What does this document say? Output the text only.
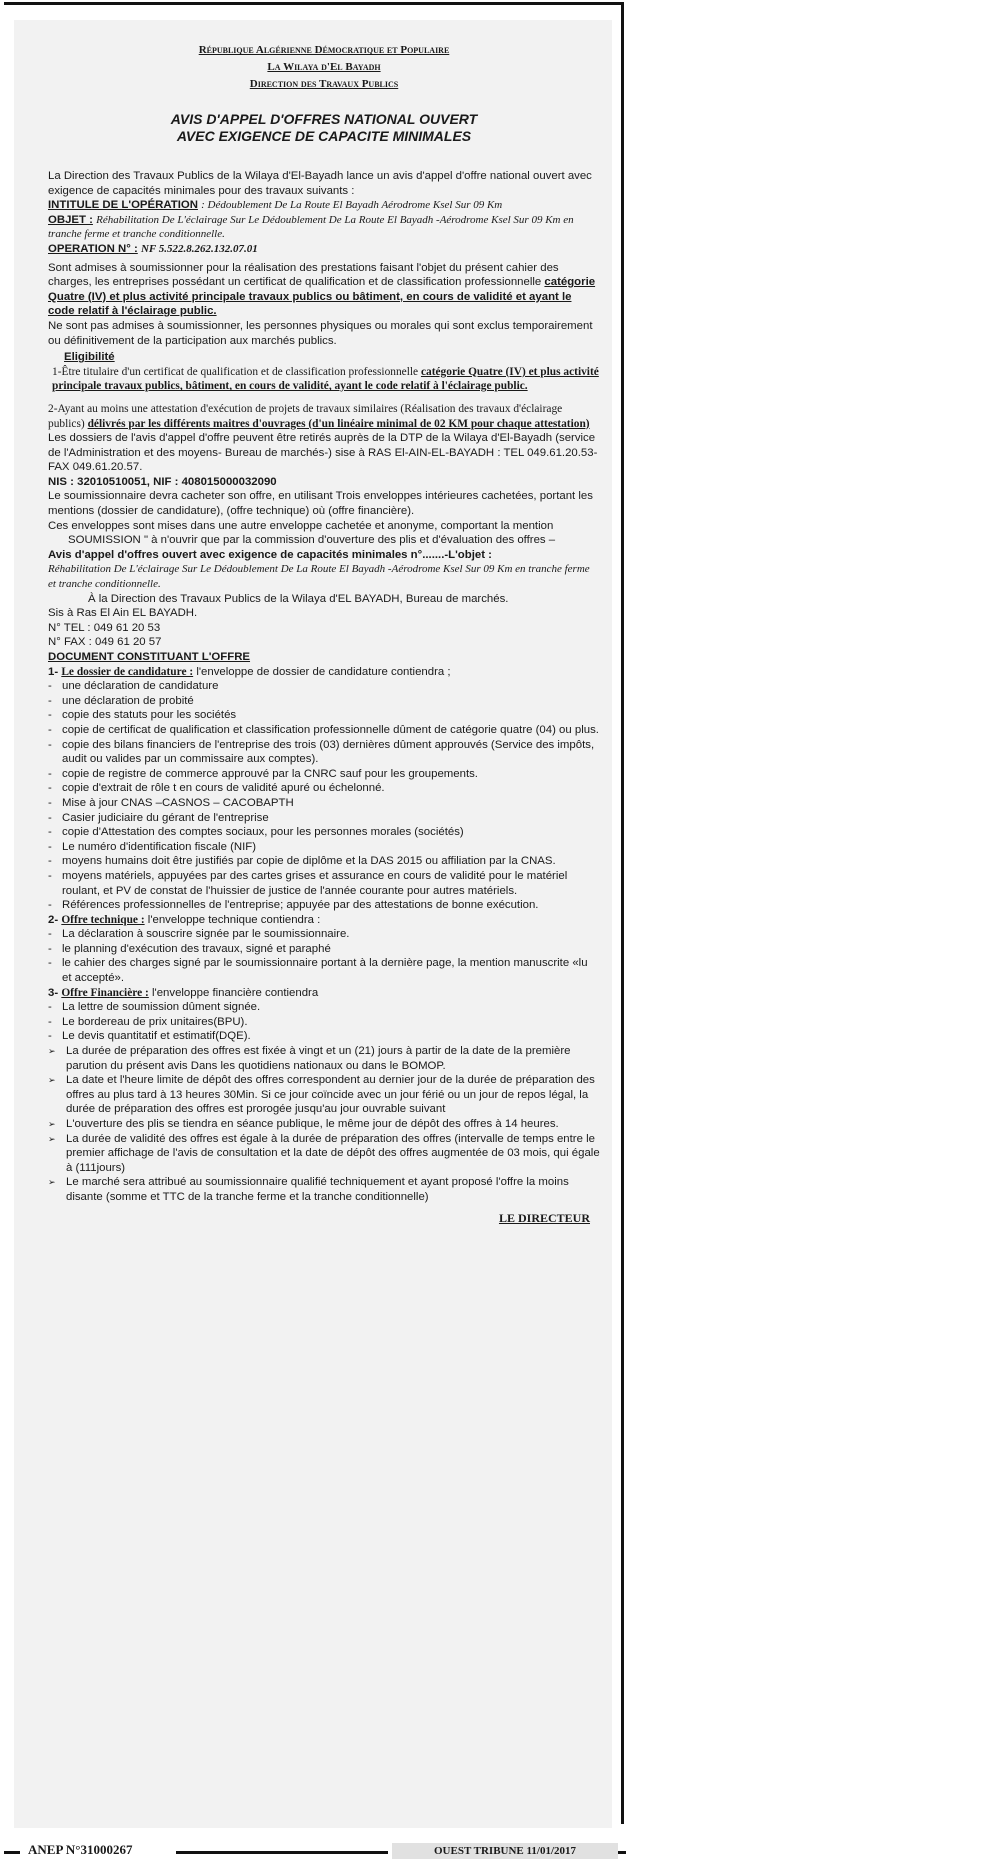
République Algérienne Démocratique et Populaire
La Wilaya d'El Bayadh
Direction des Travaux Publics
AVIS D'APPEL D'OFFRES NATIONAL OUVERT
AVEC EXIGENCE DE CAPACITE MINIMALES

La Direction des Travaux Publics de la Wilaya d'El-Bayadh lance un avis d'appel d'offre national ouvert avec exigence de capacités minimales pour des travaux suivants :

INTITULE DE L'OPÉRATION : Dédoublement De La Route El Bayadh Aérodrome Ksel Sur 09 Km

OBJET : Réhabilitation De L'éclairage Sur Le Dédoublement De La Route El Bayadh -Aérodrome Ksel Sur 09 Km en tranche ferme et tranche conditionnelle.

OPERATION N° : NF 5.522.8.262.132.07.01

Sont admises à soumissionner pour la réalisation des prestations faisant l'objet du présent cahier des charges, les entreprises possédant un certificat de qualification et de classification professionnelle catégorie Quatre (IV) et plus activité principale travaux publics ou bâtiment, en cours de validité et ayant le code relatif à l'éclairage public.

Ne sont pas admises à soumissionner, les personnes physiques ou morales qui sont exclus temporairement ou définitivement de la participation aux marchés publics.

Eligibilité

1-Être titulaire d'un certificat de qualification et de classification professionnelle catégorie Quatre (IV) et plus activité principale travaux publics, bâtiment, en cours de validité, ayant le code relatif à l'éclairage public.

2-Ayant au moins une attestation d'exécution de projets de travaux similaires (Réalisation des travaux d'éclairage publics) délivrés par les différents maitres d'ouvrages (d'un linéaire minimal de 02 KM pour chaque attestation)

Les dossiers de l'avis d'appel d'offre peuvent être retirés auprès de la DTP de la Wilaya d'El-Bayadh (service de l'Administration et des moyens- Bureau de marchés-) sise à RAS El-AIN-EL-BAYADH : TEL 049.61.20.53- FAX 049.61.20.57.

NIS : 32010510051, NIF : 408015000032090

Le soumissionnaire devra cacheter son offre, en utilisant Trois enveloppes intérieures cachetées, portant les mentions (dossier de candidature), (offre technique) où (offre financière).

Ces enveloppes sont mises dans une autre enveloppe cachetée et anonyme, comportant la mention

SOUMISSION " à n'ouvrir que par la commission d'ouverture des plis et d'évaluation des offres –

Avis d'appel d'offres ouvert avec exigence de capacités minimales n°.......-L'objet :

Réhabilitation De L'éclairage Sur Le Dédoublement De La Route El Bayadh -Aérodrome Ksel Sur 09 Km en tranche ferme et tranche conditionnelle.

À la Direction des Travaux Publics de la Wilaya d'EL BAYADH, Bureau de marchés.

Sis à Ras El Ain EL BAYADH.

N° TEL : 049 61 20 53

N° FAX : 049 61 20 57

DOCUMENT CONSTITUANT L'OFFRE

1- Le dossier de candidature : l'enveloppe de dossier de candidature contiendra ;

- une déclaration de candidature
- une déclaration de probité
- copie des statuts pour les sociétés
- copie de certificat de qualification et classification professionnelle dûment de catégorie quatre (04) ou plus.
- copie des bilans financiers de l'entreprise des trois (03) dernières dûment approuvés (Service des impôts, audit ou valides par un commissaire aux comptes).
- copie de registre de commerce approuvé par la CNRC sauf pour les groupements.
- copie d'extrait de rôle t en cours de validité apuré ou échelonné.
- Mise à jour CNAS –CASNOS – CACOBAPTH
- Casier judiciaire du gérant de l'entreprise
- copie d'Attestation des comptes sociaux, pour les personnes morales (sociétés)
- Le numéro d'identification fiscale (NIF)
- moyens humains doit être justifiés par copie de diplôme et la DAS 2015 ou affiliation par la CNAS.
- moyens matériels, appuyées par des cartes grises et assurance en cours de validité pour le matériel roulant, et PV de constat de l'huissier de justice de l'année courante pour autres matériels.
- Références professionnelles de l'entreprise; appuyée par des attestations de bonne exécution.

2- Offre technique : l'enveloppe technique contiendra :

- La déclaration à souscrire signée par le soumissionnaire.
- le planning d'exécution des travaux, signé et paraphé
- le cahier des charges signé par le soumissionnaire portant à la dernière page, la mention manuscrite «lu et accepté».

3- Offre Financière : l'enveloppe financière contiendra

- La lettre de soumission dûment signée.
- Le bordereau de prix unitaires(BPU).
- Le devis quantitatif et estimatif(DQE).
➢ La durée de préparation des offres est fixée à vingt et un (21) jours à partir de la date de la première parution du présent avis Dans les quotidiens nationaux ou dans le BOMOP.
➢ La date et l'heure limite de dépôt des offres correspondent au dernier jour de la durée de préparation des offres au plus tard à 13 heures 30Min. Si ce jour coïncide avec un jour férié ou un jour de repos légal, la durée de préparation des offres est prorogée jusqu'au jour ouvrable suivant
➢ L'ouverture des plis se tiendra en séance publique, le même jour de dépôt des offres à 14 heures.
➢ La durée de validité des offres est égale à la durée de préparation des offres (intervalle de temps entre le premier affichage de l'avis de consultation et la date de dépôt des offres augmentée de 03 mois, qui égale à (111jours)
➢ Le marché sera attribué au soumissionnaire qualifié techniquement et ayant proposé l'offre la moins disante (somme et TTC de la tranche ferme et la tranche conditionnelle)
LE DIRECTEUR
ANEP N°31000267	OUEST TRIBUNE 11/01/2017
